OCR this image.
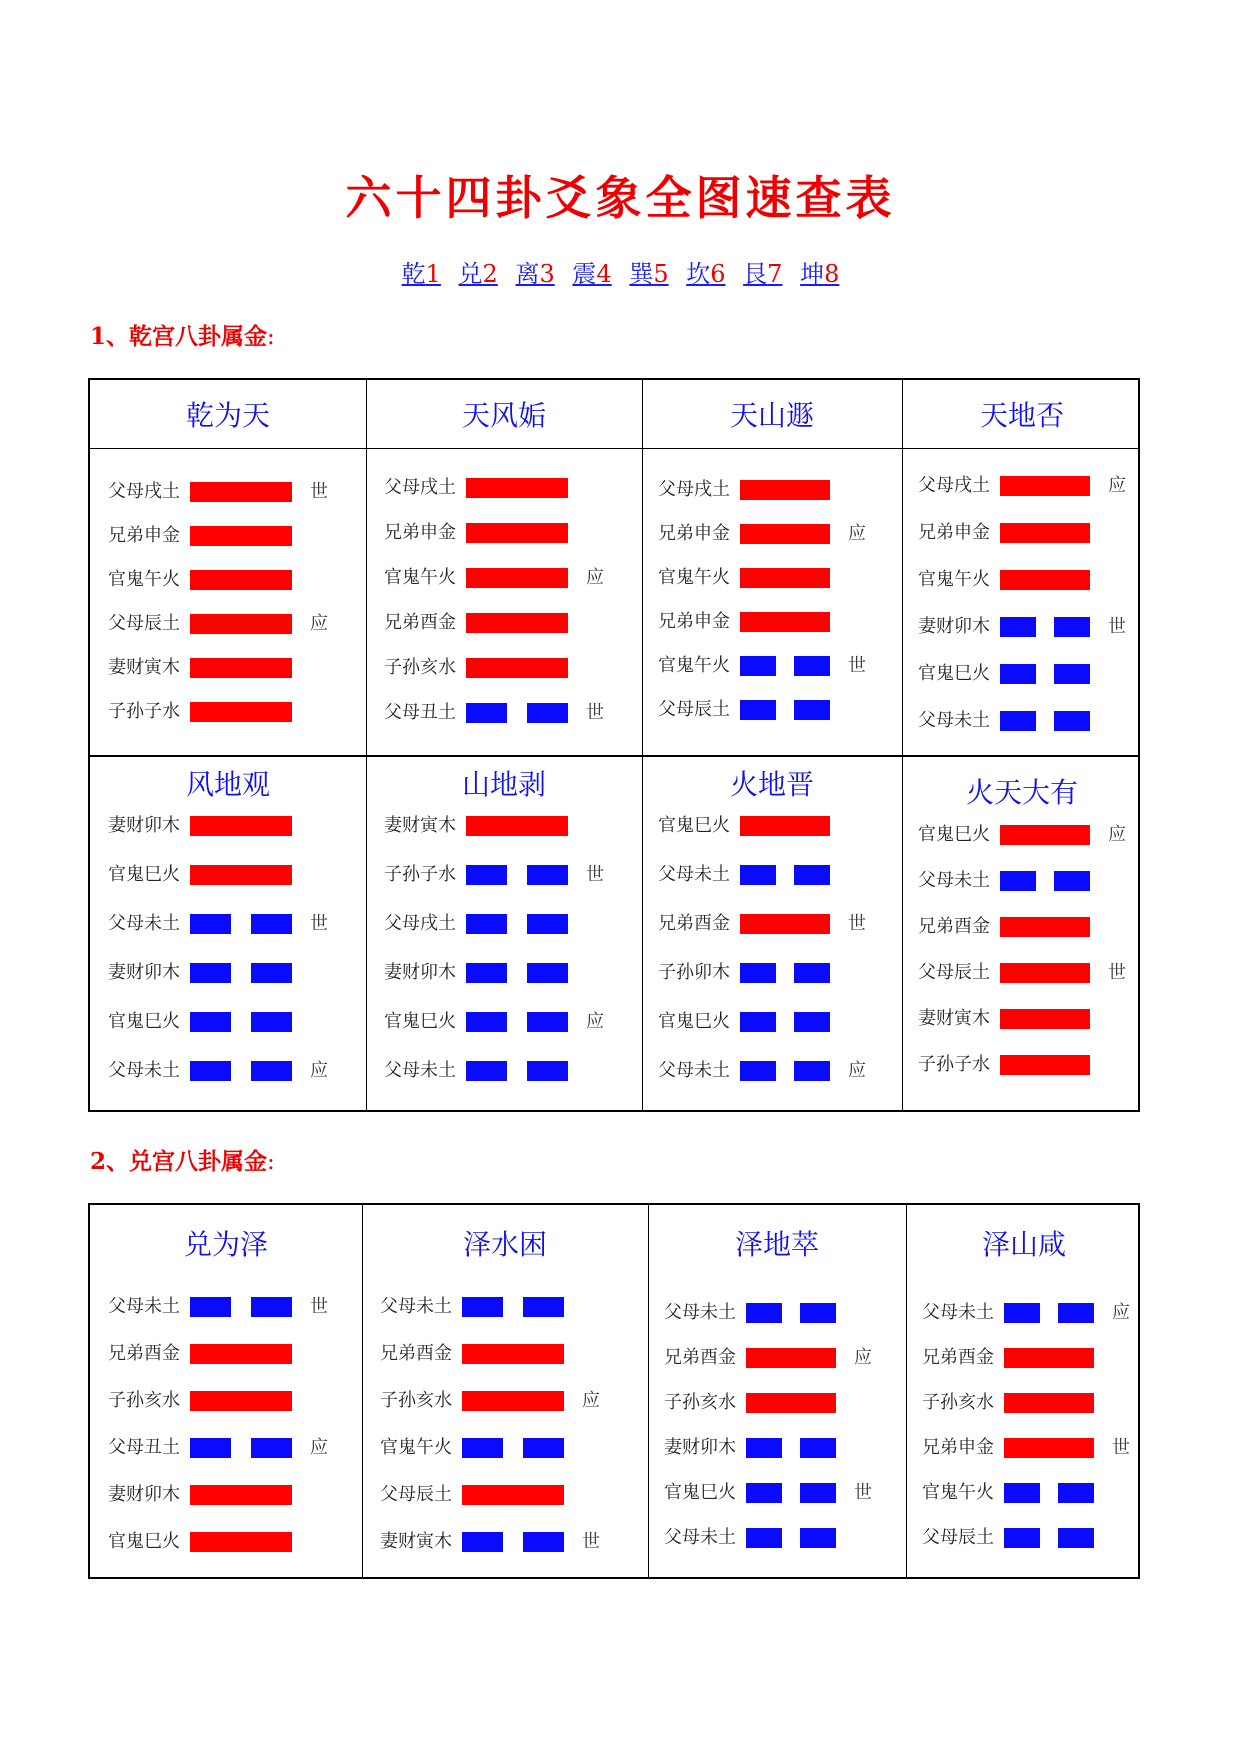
六十四卦爻象全图速查表
乾1 兑2 离3 震4 巽5 坎6 艮7 坤8
1、乾宫八卦属金:
乾为天
父母戌土	世
兄弟申金
官鬼午火
父母辰土	应
妻财寅木
子孙子水
天风姤
父母戌土
兄弟申金
官鬼午火	应
兄弟酉金
子孙亥水
父母丑土	世
天山遯
父母戌土
兄弟申金	应
官鬼午火
兄弟申金
官鬼午火	世
父母辰土
天地否
父母戌土	应
兄弟申金
官鬼午火
妻财卯木	世
官鬼巳火
父母未土
风地观
妻财卯木
官鬼巳火
父母未土	世
妻财卯木
官鬼巳火
父母未土	应
山地剥
妻财寅木
子孙子水	世
父母戌土
妻财卯木
官鬼巳火	应
父母未土
火地晋
官鬼巳火
父母未土
兄弟酉金	世
子孙卯木
官鬼巳火
父母未土	应
火天大有
官鬼巳火	应
父母未土
兄弟酉金
父母辰土	世
妻财寅木
子孙子水
2、兑宫八卦属金:
兑为泽
父母未土	世
兄弟酉金
子孙亥水
父母丑土	应
妻财卯木
官鬼巳火
泽水困
父母未土
兄弟酉金
子孙亥水	应
官鬼午火
父母辰土
妻财寅木	世
泽地萃
父母未土
兄弟酉金	应
子孙亥水
妻财卯木
官鬼巳火	世
父母未土
泽山咸
父母未土	应
兄弟酉金
子孙亥水
兄弟申金	世
官鬼午火
父母辰土
